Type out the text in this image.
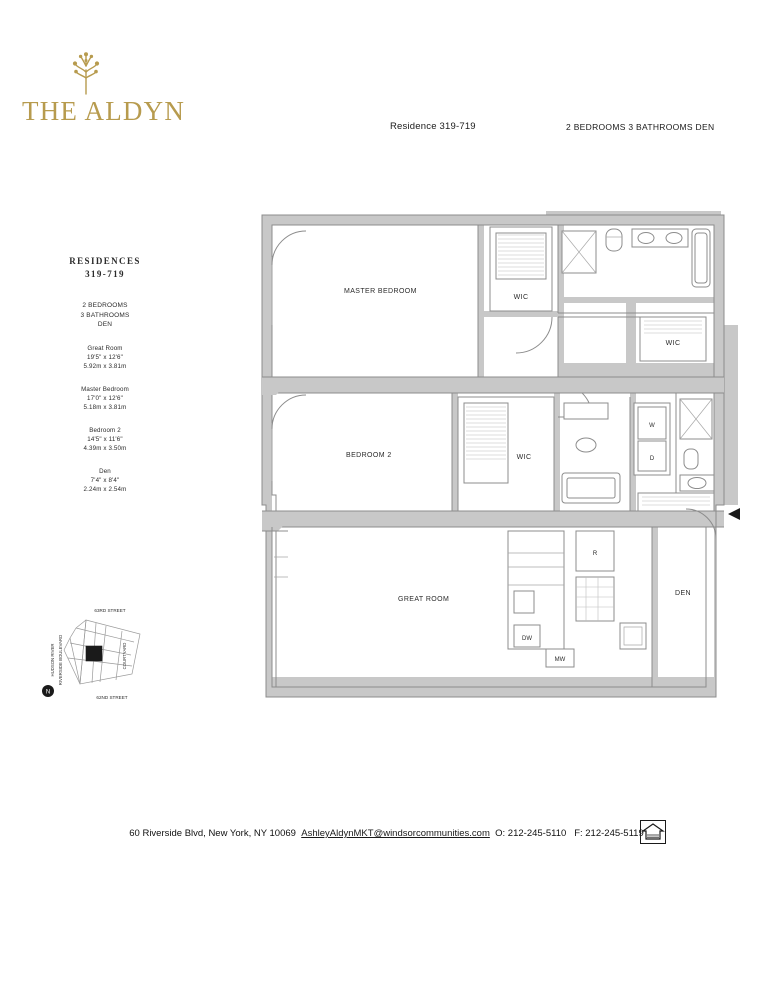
THE ALDYN
Residence 319-719	2 BEDROOMS 3 BATHROOMS DEN
RESIDENCES
319-719
2 BEDROOMS
3 BATHROOMS
DEN
Great Room
19'5" x 12'6"
5.92m x 3.81m
Master Bedroom
17'0" x 12'6"
5.18m x 3.81m
Bedroom 2
14'5" x 11'6"
4.39m x 3.50m
Den
7'4" x 8'4"
2.24m x 2.54m
63RD STREET
62ND STREET
HUDSON RIVER RIVERSIDE BOULEVARD	COURTYARD
N
MASTER BEDROOM
WIC
WIC
BEDROOM 2	WIC
W
D
GREAT ROOM
DW
MW
R
DEN
60 Riverside Blvd, New York, NY 10069 AshleyAldynMKT@windsorcommunities.com O: 212-245-5110 F: 212-245-5119
